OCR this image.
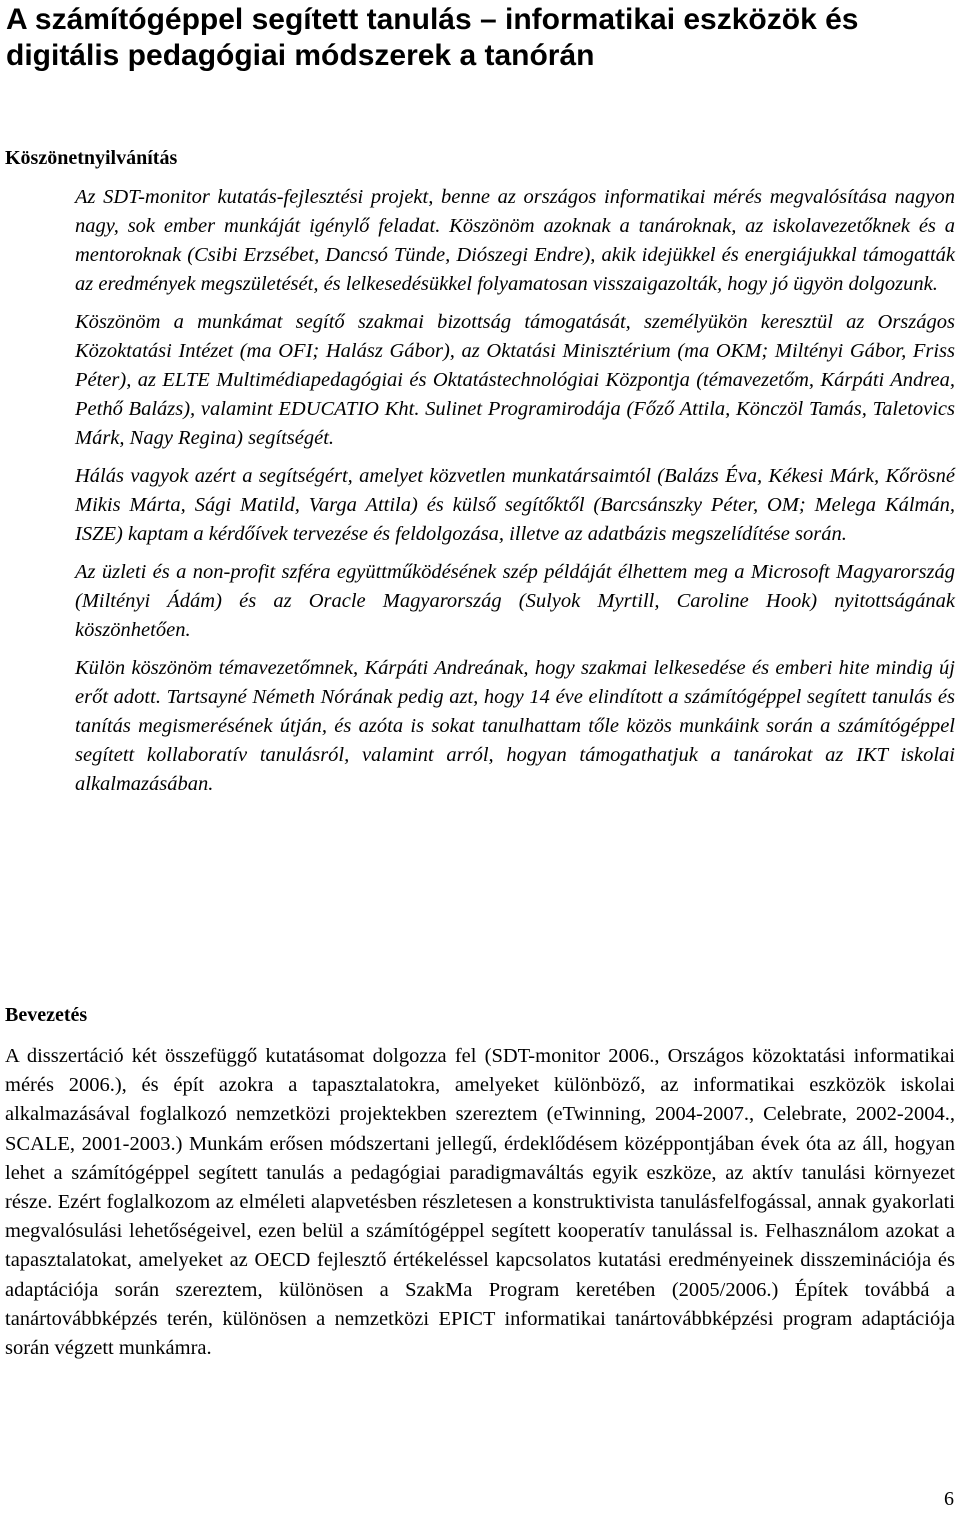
A számítógéppel segített tanulás – informatikai eszközök és digitális pedagógiai módszerek a tanórán
Köszönetnyilvánítás

Az SDT-monitor kutatás-fejlesztési projekt, benne az országos informatikai mérés megvalósítása nagyon nagy, sok ember munkáját igénylő feladat. Köszönöm azoknak a tanároknak, az iskolavezetőknek és a mentoroknak (Csibi Erzsébet, Dancsó Tünde, Diószegi Endre), akik idejükkel és energiájukkal támogatták az eredmények megszületését, és lelkesedésükkel folyamatosan visszaigazolták, hogy jó ügyön dolgozunk.

Köszönöm a munkámat segítő szakmai bizottság támogatását, személyükön keresztül az Országos Közoktatási Intézet (ma OFI; Halász Gábor), az Oktatási Minisztérium (ma OKM; Miltényi Gábor, Friss Péter), az ELTE Multimédiapedagógiai és Oktatástechnológiai Központja (témavezetőm, Kárpáti Andrea, Pethő Balázs), valamint EDUCATIO Kht. Sulinet Programirodája (Főző Attila, Könczöl Tamás, Taletovics Márk, Nagy Regina) segítségét.

Hálás vagyok azért a segítségért, amelyet közvetlen munkatársaimtól (Balázs Éva, Kékesi Márk, Kőrösné Mikis Márta, Sági Matild, Varga Attila) és külső segítőktől (Barcsánszky Péter, OM; Melega Kálmán, ISZE) kaptam a kérdőívek tervezése és feldolgozása, illetve az adatbázis megszelídítése során.

Az üzleti és a non-profit szféra együttműködésének szép példáját élhettem meg a Microsoft Magyarország (Miltényi Ádám) és az Oracle Magyarország (Sulyok Myrtill, Caroline Hook) nyitottságának köszönhetően.

Külön köszönöm témavezetőmnek, Kárpáti Andreának, hogy szakmai lelkesedése és emberi hite mindig új erőt adott. Tartsayné Németh Nórának pedig azt, hogy 14 éve elindított a számítógéppel segített tanulás és tanítás megismerésének útján, és azóta is sokat tanulhattam tőle közös munkáink során a számítógéppel segített kollaboratív tanulásról, valamint arról, hogyan támogathatjuk a tanárokat az IKT iskolai alkalmazásában.

Bevezetés

A disszertáció két összefüggő kutatásomat dolgozza fel (SDT-monitor 2006., Országos közoktatási informatikai mérés 2006.), és épít azokra a tapasztalatokra, amelyeket különböző, az informatikai eszközök iskolai alkalmazásával foglalkozó nemzetközi projektekben szereztem (eTwinning, 2004-2007., Celebrate, 2002-2004., SCALE, 2001-2003.) Munkám erősen módszertani jellegű, érdeklődésem középpontjában évek óta az áll, hogyan lehet a számítógéppel segített tanulás a pedagógiai paradigmaváltás egyik eszköze, az aktív tanulási környezet része. Ezért foglalkozom az elméleti alapvetésben részletesen a konstruktivista tanulásfelfogással, annak gyakorlati megvalósulási lehetőségeivel, ezen belül a számítógéppel segített kooperatív tanulással is. Felhasználom azokat a tapasztalatokat, amelyeket az OECD fejlesztő értékeléssel kapcsolatos kutatási eredményeinek disszeminációja és adaptációja során szereztem, különösen a SzakMa Program keretében (2005/2006.) Építek továbbá a tanártovábbképzés terén, különösen a nemzetközi EPICT informatikai tanártovábbképzési program adaptációja során végzett munkámra.

6
